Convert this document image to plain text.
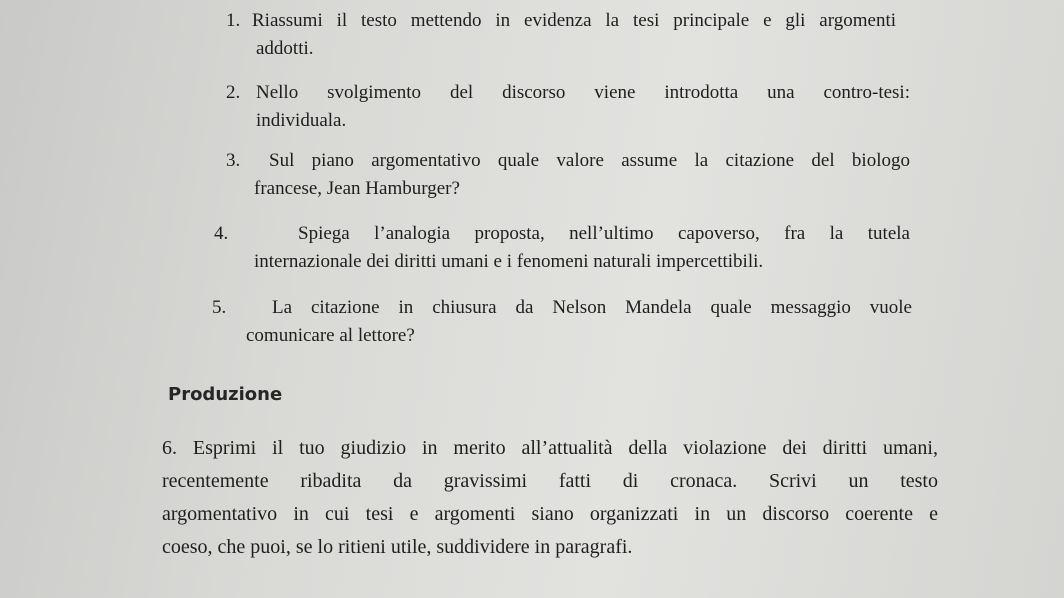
1. Riassumi il testo mettendo in evidenza la tesi principale e gli argomenti
addotti.
2. Nello svolgimento del discorso viene introdotta una contro-tesi:
individuala.
3.	Sul piano argomentativo quale valore assume la citazione del biologo
francese, Jean Hamburger?
4.	Spiega l’analogia proposta, nell’ultimo capoverso, fra la tutela
internazionale dei diritti umani e i fenomeni naturali impercettibili.
5.	La citazione in chiusura da Nelson Mandela quale messaggio vuole
comunicare al lettore?
Produzione
6. Esprimi il tuo giudizio in merito all’attualità della violazione dei diritti umani,
recentemente ribadita da gravissimi fatti di cronaca. Scrivi un testo
argomentativo in cui tesi e argomenti siano organizzati in un discorso coerente e
coeso, che puoi, se lo ritieni utile, suddividere in paragrafi.
